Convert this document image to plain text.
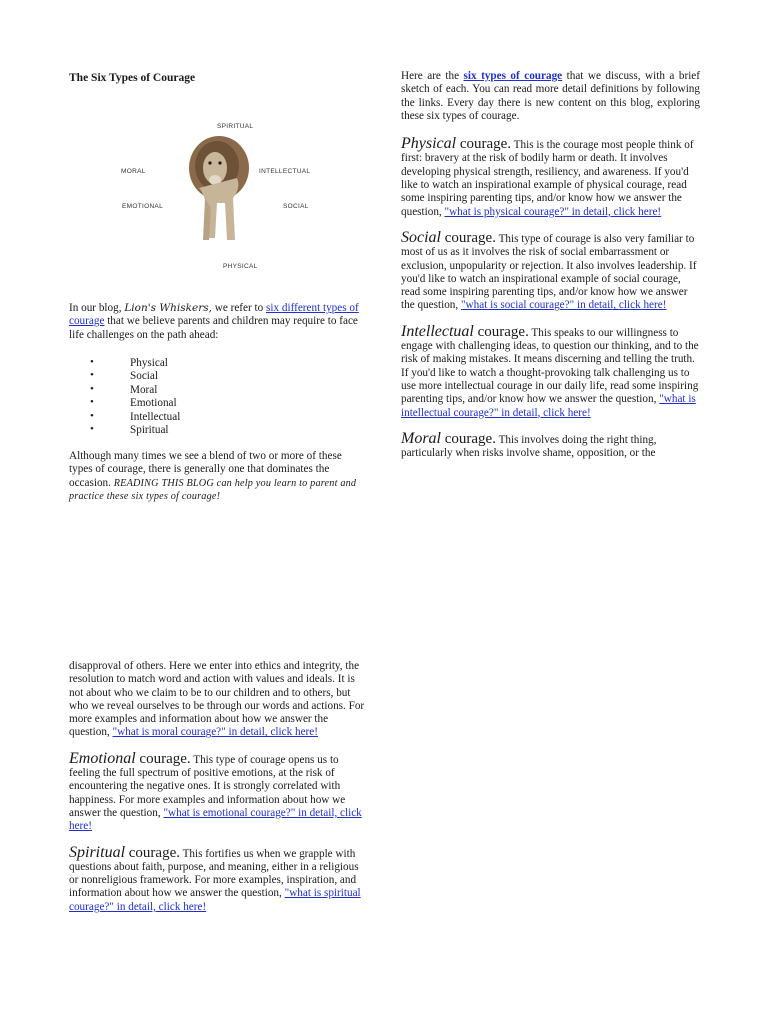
The Six Types of Courage
SPIRITUAL
MORAL	INTELLECTUAL
EMOTIONAL	SOCIAL
PHYSICAL

In our blog, Lion's Whiskers, we refer to six different types of courage that we believe parents and children may require to face life challenges on the path ahead:

• Physical
• Social
• Moral
• Emotional
• Intellectual
• Spiritual

Although many times we see a blend of two or more of these types of courage, there is generally one that dominates the occasion. READING THIS BLOG can help you learn to parent and practice these six types of courage!

Here are the six types of courage that we discuss, with a brief sketch of each. You can read more detail definitions by following the links. Every day there is new content on this blog, exploring these six types of courage.

Physical courage. This is the courage most people think of first: bravery at the risk of bodily harm or death. It involves developing physical strength, resiliency, and awareness. If you'd like to watch an inspirational example of physical courage, read some inspiring parenting tips, and/or know how we answer the question, "what is physical courage?" in detail, click here!

Social courage. This type of courage is also very familiar to most of us as it involves the risk of social embarrassment or exclusion, unpopularity or rejection. It also involves leadership. If you'd like to watch an inspirational example of social courage, read some inspiring parenting tips, and/or know how we answer the question, "what is social courage?" in detail, click here!

Intellectual courage. This speaks to our willingness to engage with challenging ideas, to question our thinking, and to the risk of making mistakes. It means discerning and telling the truth. If you'd like to watch a thought-provoking talk challenging us to use more intellectual courage in our daily life, read some inspiring parenting tips, and/or know how we answer the question, "what is intellectual courage?" in detail, click here!

Moral courage. This involves doing the right thing, particularly when risks involve shame, opposition, or the

disapproval of others. Here we enter into ethics and integrity, the resolution to match word and action with values and ideals. It is not about who we claim to be to our children and to others, but who we reveal ourselves to be through our words and actions. For more examples and information about how we answer the question, "what is moral courage?" in detail, click here!

Emotional courage. This type of courage opens us to feeling the full spectrum of positive emotions, at the risk of encountering the negative ones. It is strongly correlated with happiness. For more examples and information about how we answer the question, "what is emotional courage?" in detail, click here!

Spiritual courage. This fortifies us when we grapple with questions about faith, purpose, and meaning, either in a religious or nonreligious framework. For more examples, inspiration, and information about how we answer the question, "what is spiritual courage?" in detail, click here!
